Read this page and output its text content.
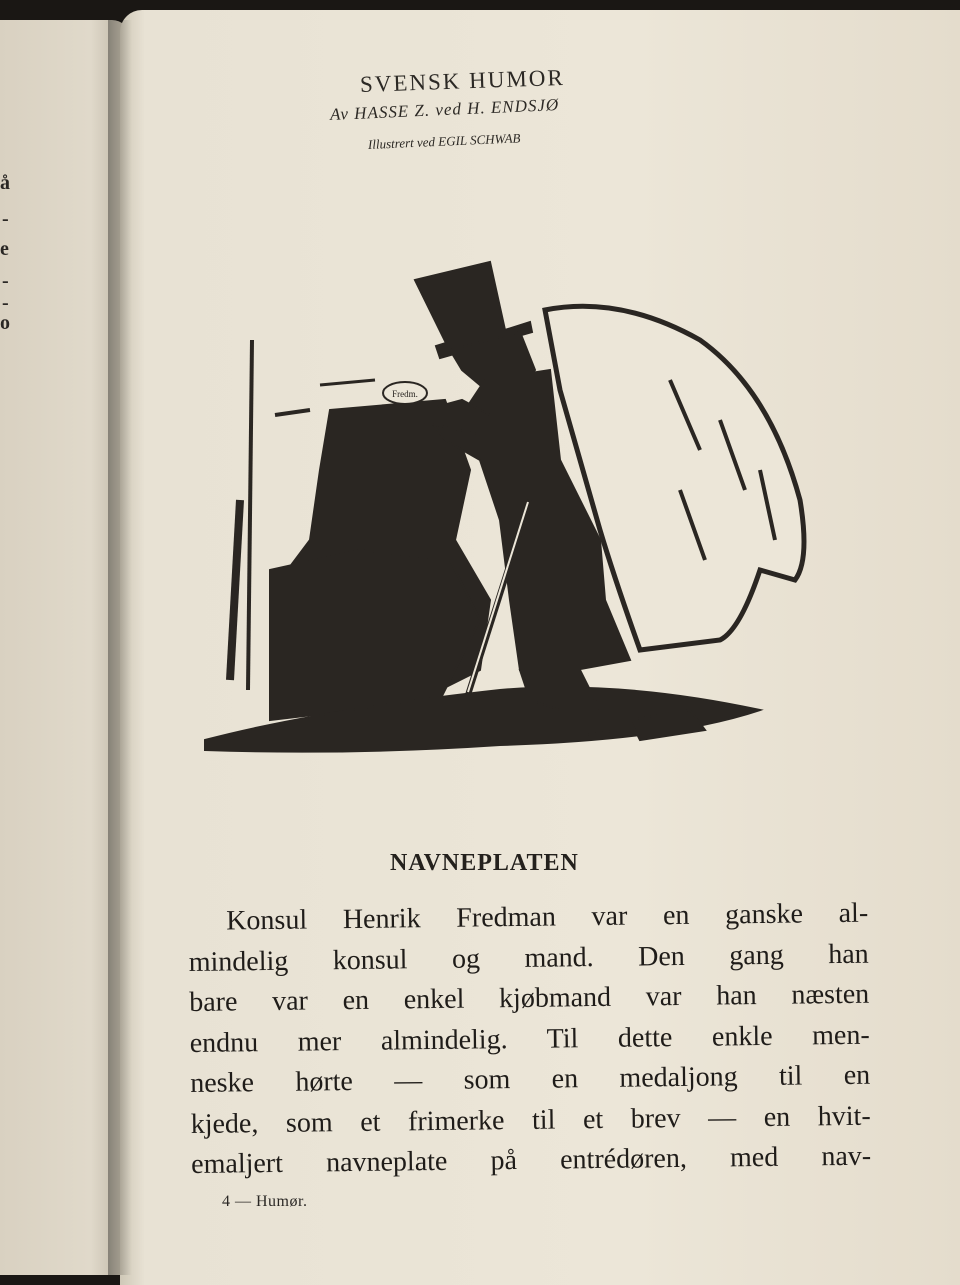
å
-
e
-
-
o
SVENSK HUMOR
Av HASSE Z. ved H. ENDSJØ
Illustrert ved EGIL SCHWAB
Fredm.
NAVNEPLATEN
Konsul Henrik Fredman var en ganske al-
mindelig konsul og mand. Den gang han
bare var en enkel kjøbmand var han næsten
endnu mer almindelig. Til dette enkle men-
neske hørte — som en medaljong til en
kjede, som et frimerke til et brev — en hvit-
emaljert navneplate på entrédøren, med nav-
4 — Humør.
